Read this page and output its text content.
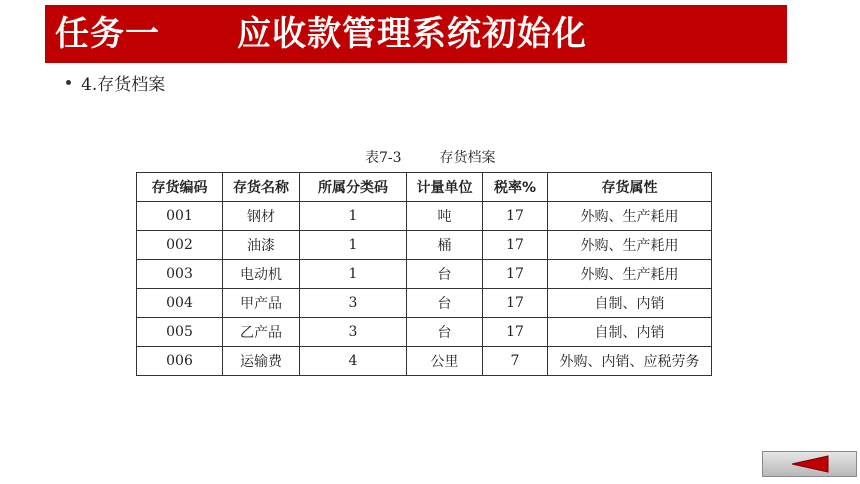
任务一      应收款管理系统初始化
4.存货档案
表7-3	存货档案
存货编码	存货名称	所属分类码	计量单位	税率%	存货属性
001	钢材	1	吨	17	外购、生产耗用
002	油漆	1	桶	17	外购、生产耗用
003	电动机	1	台	17	外购、生产耗用
004	甲产品	3	台	17	自制、内销
005	乙产品	3	台	17	自制、内销
006	运输费	4	公里	7	外购、内销、应税劳务
